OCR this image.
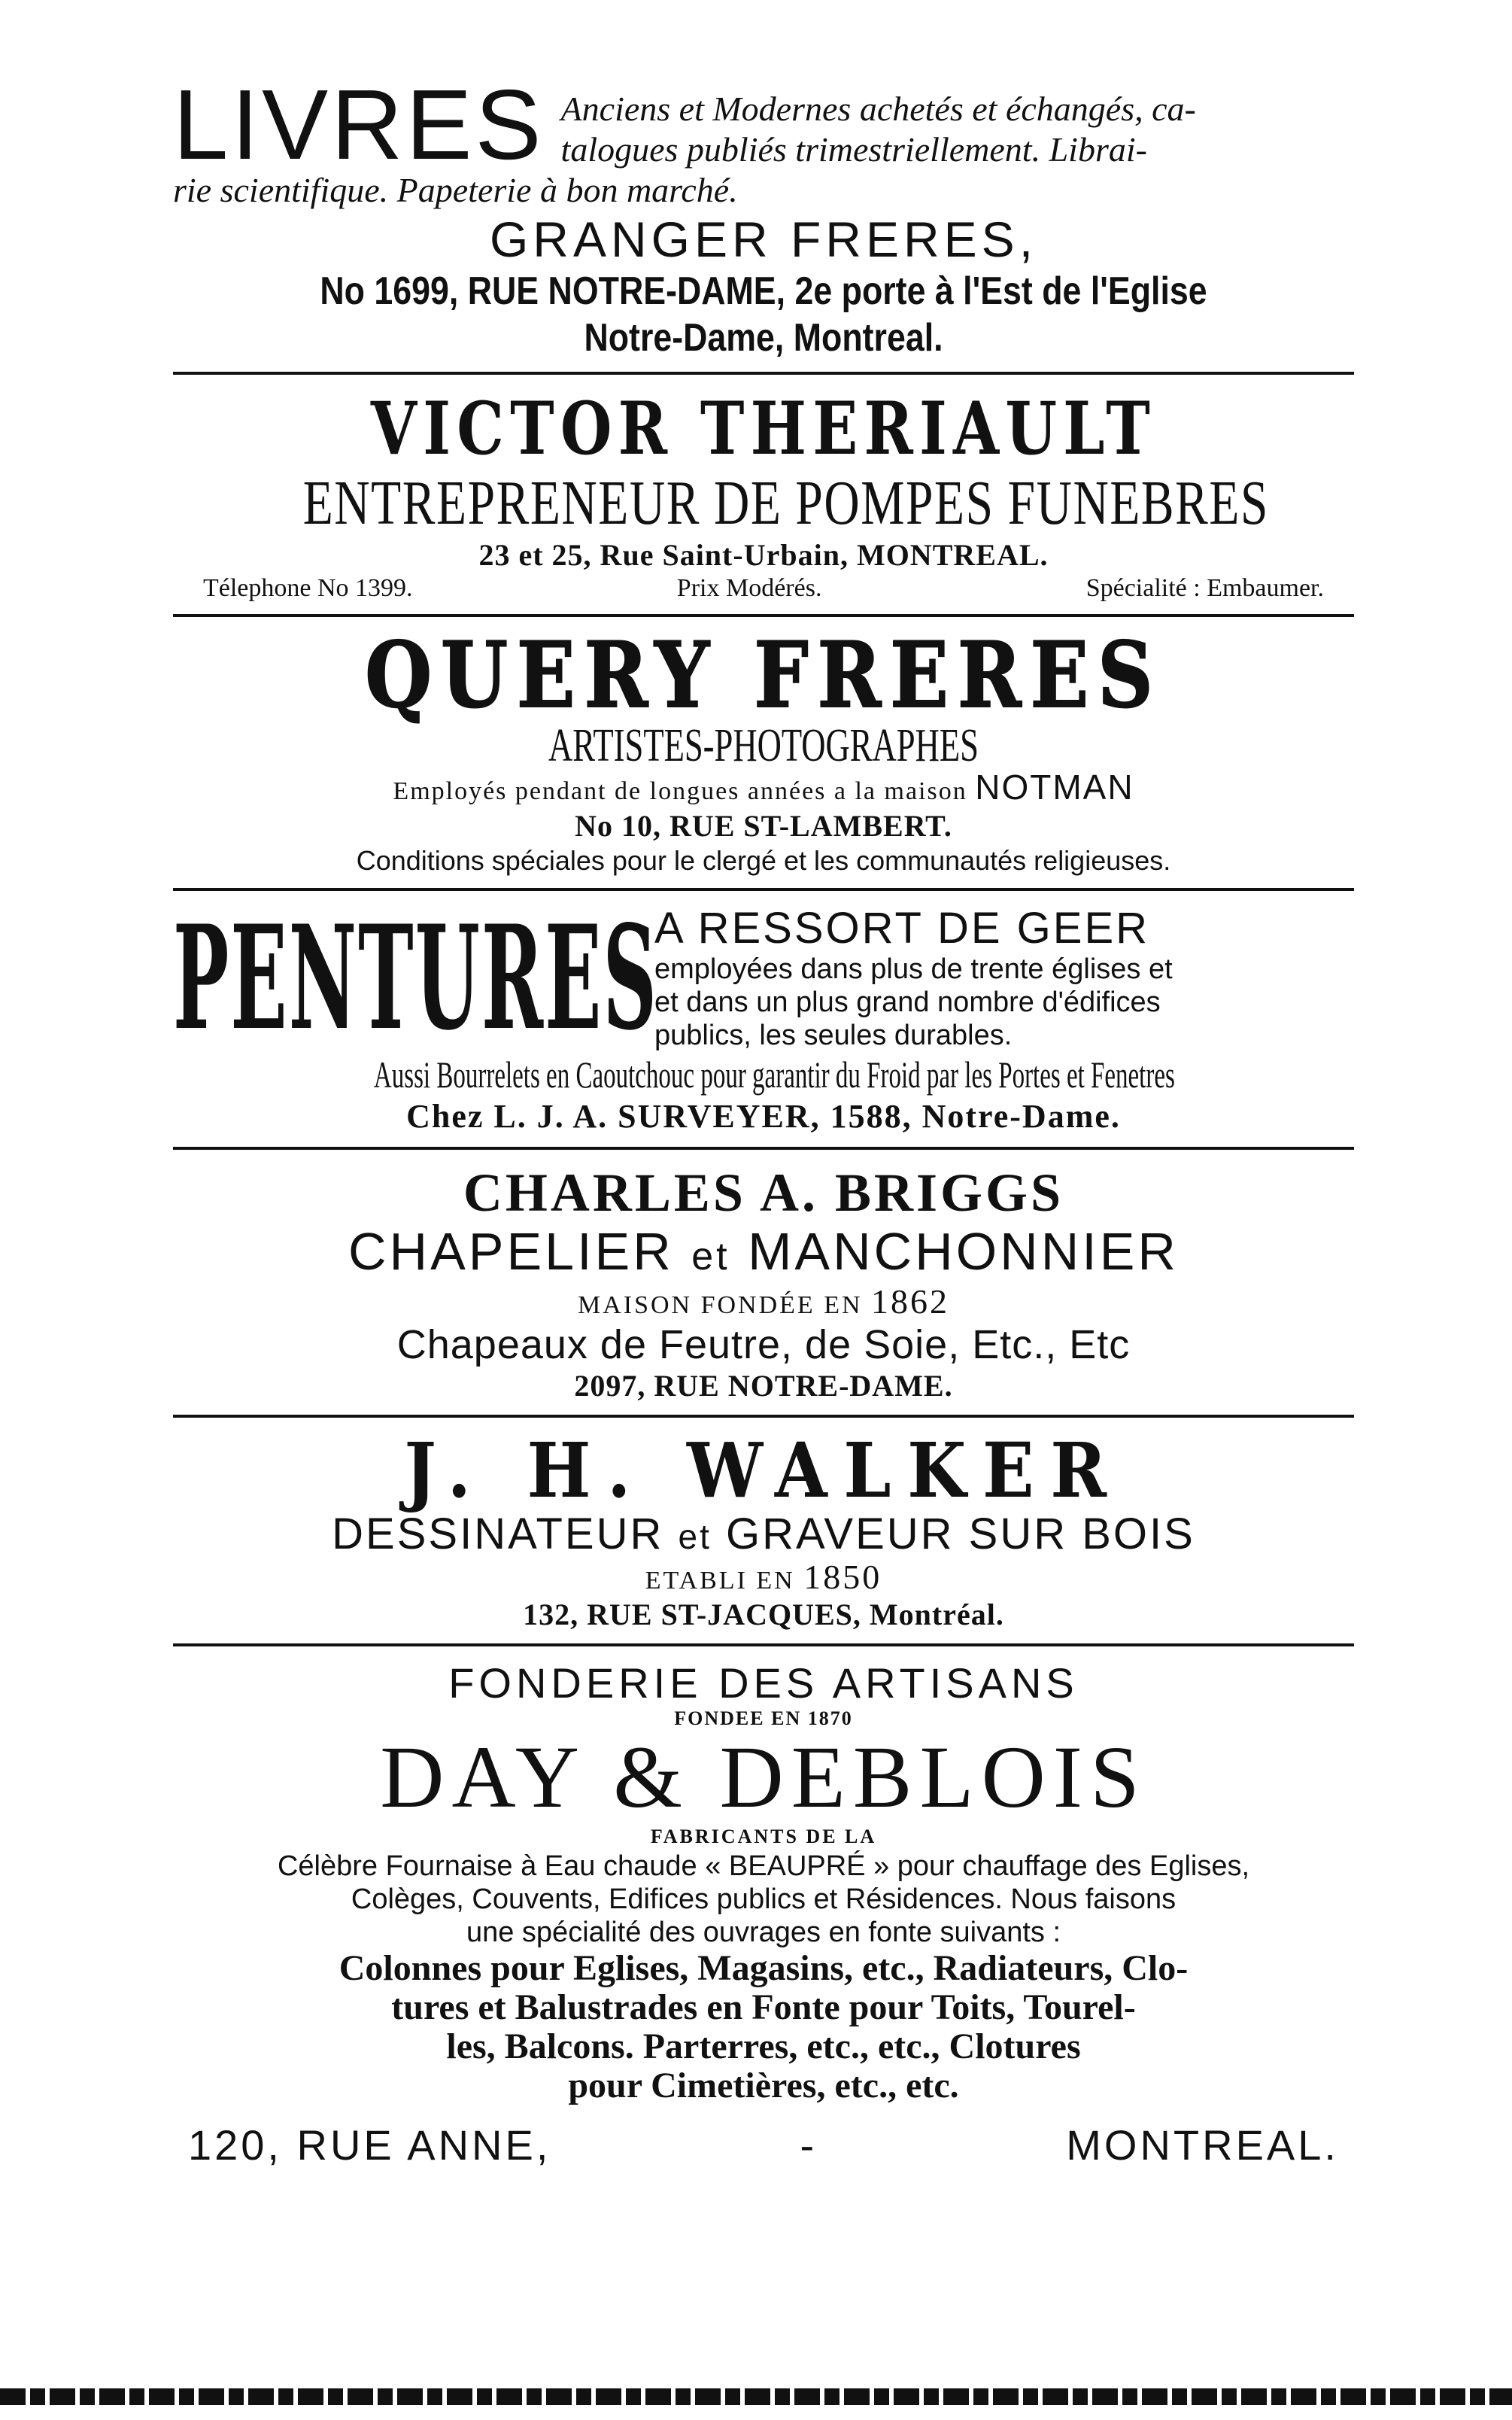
LIVRES Anciens et Modernes achetés et échangés, ca-
talogues publiés trimestriellement. Librai-
rie scientifique. Papeterie à bon marché.
GRANGER FRERES,
No 1699, RUE NOTRE-DAME, 2e porte à l'Est de l'Eglise
Notre-Dame, Montreal.
VICTOR THERIAULT
ENTREPRENEUR DE POMPES FUNEBRES
23 et 25, Rue Saint-Urbain, MONTREAL.
Télephone No 1399.	Prix Modérés.	Spécialité : Embaumer.
QUERY FRERES
ARTISTES-PHOTOGRAPHES
Employés pendant de longues années a la maison NOTMAN
No 10, RUE ST-LAMBERT.
Conditions spéciales pour le clergé et les communautés religieuses.
PENTURES
A RESSORT DE GEER
employées dans plus de trente églises et
et dans un plus grand nombre d'édifices
publics, les seules durables.
Aussi Bourrelets en Caoutchouc pour garantir du Froid par les Portes et Fenetres
Chez L. J. A. SURVEYER, 1588, Notre-Dame.
CHARLES A. BRIGGS
CHAPELIER et MANCHONNIER
MAISON FONDÉE EN 1862
Chapeaux de Feutre, de Soie, Etc., Etc
2097, RUE NOTRE-DAME.
J. H. WALKER
DESSINATEUR et GRAVEUR SUR BOIS
ETABLI EN 1850
132, RUE ST-JACQUES, Montréal.
FONDERIE DES ARTISANS
FONDEE EN 1870
DAY & DEBLOIS
FABRICANTS DE LA
Célèbre Fournaise à Eau chaude « BEAUPRÉ » pour chauffage des Eglises,
Colèges, Couvents, Edifices publics et Résidences. Nous faisons
une spécialité des ouvrages en fonte suivants :
Colonnes pour Eglises, Magasins, etc., Radiateurs, Clo-
tures et Balustrades en Fonte pour Toits, Tourel-
les, Balcons. Parterres, etc., etc., Clotures
pour Cimetières, etc., etc.
120, RUE ANNE,	-	MONTREAL.
